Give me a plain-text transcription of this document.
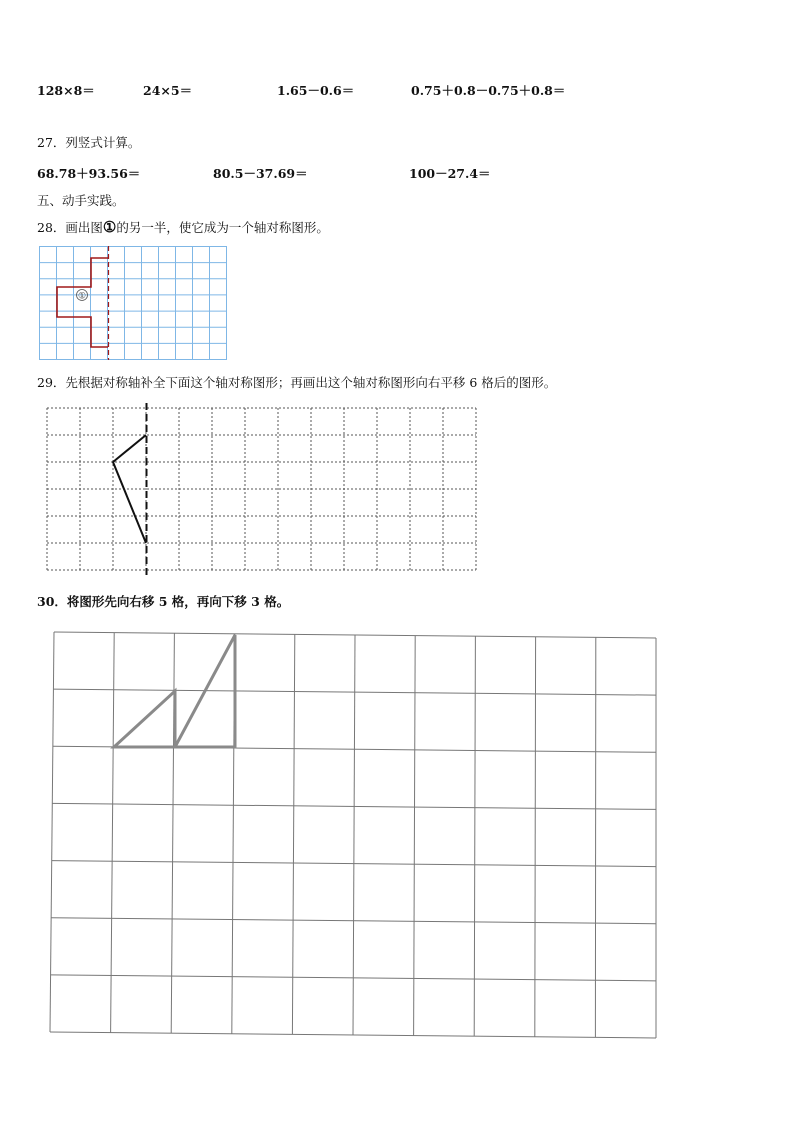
128×8＝	24×5＝	1.65－0.6＝	0.75＋0.8－0.75＋0.8＝
27．列竖式计算。
68.78＋93.56＝	80.5－37.69＝	100－27.4＝
五、动手实践。
28．画出图①的另一半，使它成为一个轴对称图形。
①
29．先根据对称轴补全下面这个轴对称图形；再画出这个轴对称图形向右平移 6 格后的图形。
30．将图形先向右移 5 格，再向下移 3 格。
